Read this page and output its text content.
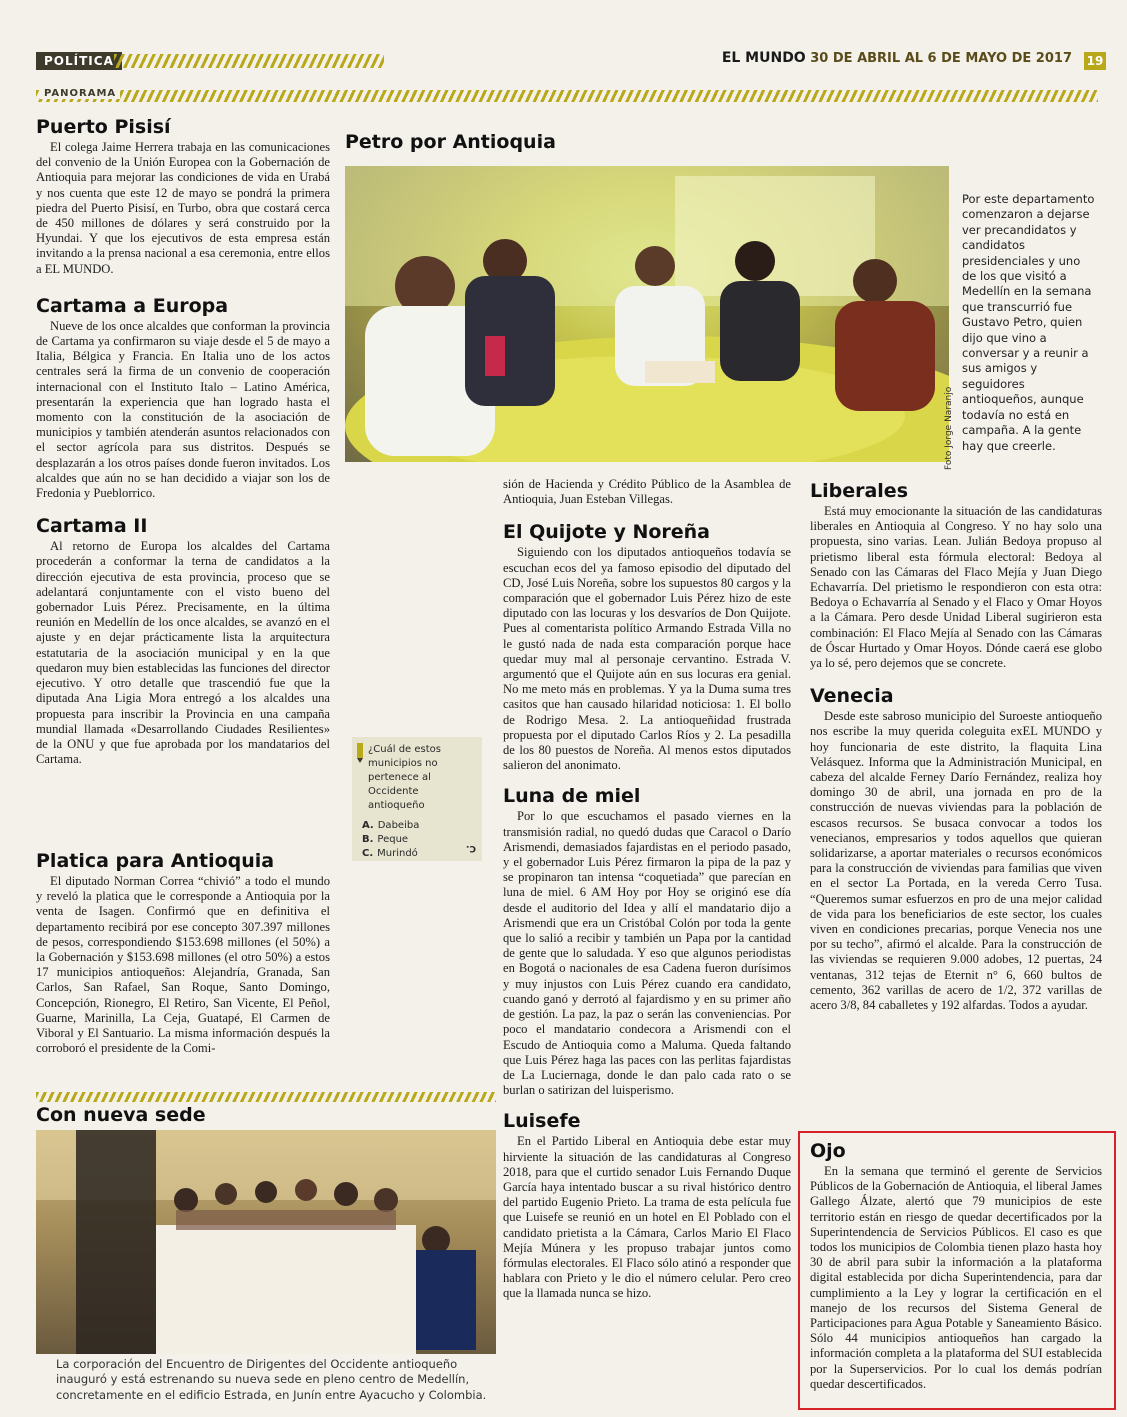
POLÍTICA	EL MUNDO 30 DE ABRIL AL 6 DE MAYO DE 2017 19
PANORAMA
Puerto Pisisí

El colega Jaime Herrera trabaja en las comunicaciones del convenio de la Unión Europea con la Gobernación de Antioquia para mejorar las condiciones de vida en Urabá y nos cuenta que este 12 de mayo se pondrá la primera piedra del Puerto Pisisí, en Turbo, obra que costará cerca de 450 millones de dólares y será construido por la Hyundai. Y que los ejecutivos de esta empresa están invitando a la prensa nacional a esa ceremonia, entre ellos a EL MUNDO.

Cartama a Europa

Nueve de los once alcaldes que conforman la provincia de Cartama ya confirmaron su viaje desde el 5 de mayo a Italia, Bélgica y Francia. En Italia uno de los actos centrales será la firma de un convenio de cooperación internacional con el Instituto Italo – Latino América, presentarán la experiencia que han logrado hasta el momento con la constitución de la asociación de municipios y también atenderán asuntos relacionados con el sector agrícola para sus distritos. Después se desplazarán a los otros países donde fueron invitados. Los alcaldes que aún no se han decidido a viajar son los de Fredonia y Pueblorrico.

Cartama II

Al retorno de Europa los alcaldes del Cartama procederán a conformar la terna de candidatos a la dirección ejecutiva de esta provincia, proceso que se adelantará conjuntamente con el visto bueno del gobernador Luis Pérez. Precisamente, en la última reunión en Medellín de los once alcaldes, se avanzó en el ajuste y en dejar prácticamente lista la arquitectura estatutaria de la asociación municipal y en la que quedaron muy bien establecidas las funciones del director ejecutivo. Y otro detalle que trascendió fue que la diputada Ana Ligia Mora entregó a los alcaldes una propuesta para inscribir la Provincia en una campaña mundial llamada «Desarrollando Ciudades Resilientes» de la ONU y que fue aprobada por los mandatarios del Cartama.

Platica para Antioquia

El diputado Norman Correa “chivió” a todo el mundo y reveló la platica que le corresponde a Antioquia por la venta de Isagen. Confirmó que en definitiva el departamento recibirá por ese concepto 307.397 millones de pesos, correspondiendo $153.698 millones (el 50%) a la Gobernación y $153.698 millones (el otro 50%) a estos 17 municipios antioqueños: Alejandría, Granada, San Carlos, San Rafael, San Roque, Santo Domingo, Concepción, Rionegro, El Retiro, San Vicente, El Peñol, Guarne, Marinilla, La Ceja, Guatapé, El Carmen de Viboral y El Santuario. La misma información después la corroboró el presidente de la Comi-

Petro por Antioquia
Foto Jorge Naranjo
Por este departamento comenzaron a dejarse ver precandidatos y candidatos presidenciales y uno de los que visitó a Medellín en la semana que transcurrió fue Gustavo Petro, quien dijo que vino a conversar y a reunir a sus amigos y seguidores antioqueños, aunque todavía no está en campaña. A la gente hay que creerle.
¿Cuál de estos municipios no pertenece al Occidente antioqueño
A. Dabeiba
B. Peque
C. Murindó	C.

sión de Hacienda y Crédito Público de la Asamblea de Antioquia, Juan Esteban Villegas.

El Quijote y Noreña

Siguiendo con los diputados antioqueños todavía se escuchan ecos del ya famoso episodio del diputado del CD, José Luis Noreña, sobre los supuestos 80 cargos y la comparación que el gobernador Luis Pérez hizo de este diputado con las locuras y los desvaríos de Don Quijote. Pues al comentarista político Armando Estrada Villa no le gustó nada de nada esta comparación porque hace quedar muy mal al personaje cervantino. Estrada V. argumentó que el Quijote aún en sus locuras era genial. No me meto más en problemas. Y ya la Duma suma tres casitos que han causado hilaridad noticiosa: 1. El bollo de Rodrigo Mesa. 2. La antioqueñidad frustrada propuesta por el diputado Carlos Ríos y 2. La pesadilla de los 80 puestos de Noreña. Al menos estos diputados salieron del anonimato.

Luna de miel

Por lo que escuchamos el pasado viernes en la transmisión radial, no quedó dudas que Caracol o Darío Arismendi, demasiados fajardistas en el periodo pasado, y el gobernador Luis Pérez firmaron la pipa de la paz y se propinaron tan intensa “coquetiada” que parecían en luna de miel. 6 AM Hoy por Hoy se originó ese día desde el auditorio del Idea y allí el mandatario dijo a Arismendi que era un Cristóbal Colón por toda la gente que lo salió a recibir y también un Papa por la cantidad de gente que lo saludada. Y eso que algunos periodistas en Bogotá o nacionales de esa Cadena fueron durísimos y muy injustos con Luis Pérez cuando era candidato, cuando ganó y derrotó al fajardismo y en su primer año de gestión. La paz, la paz o serán las conveniencias. Por poco el mandatario condecora a Arismendi con el Escudo de Antioquia como a Maluma. Queda faltando que Luis Pérez haga las paces con las perlitas fajardistas de La Luciernaga, donde le dan palo cada rato o se burlan o satirizan del luisperismo.

Luisefe

En el Partido Liberal en Antioquia debe estar muy hirviente la situación de las candidaturas al Congreso 2018, para que el curtido senador Luis Fernando Duque García haya intentado buscar a su rival histórico dentro del partido Eugenio Prieto. La trama de esta película fue que Luisefe se reunió en un hotel en El Poblado con el candidato prietista a la Cámara, Carlos Mario El Flaco Mejía Múnera y les propuso trabajar juntos como fórmulas electorales. El Flaco sólo atinó a responder que hablara con Prieto y le dio el número celular. Pero creo que la llamada nunca se hizo.

Liberales

Está muy emocionante la situación de las candidaturas liberales en Antioquia al Congreso. Y no hay solo una propuesta, sino varias. Lean. Julián Bedoya propuso al prietismo liberal esta fórmula electoral: Bedoya al Senado con las Cámaras del Flaco Mejía y Juan Diego Echavarría. Del prietismo le respondieron con esta otra: Bedoya o Echavarría al Senado y el Flaco y Omar Hoyos a la Cámara. Pero desde Unidad Liberal sugirieron esta combinación: El Flaco Mejía al Senado con las Cámaras de Óscar Hurtado y Omar Hoyos. Dónde caerá ese globo ya lo sé, pero dejemos que se concrete.

Venecia

Desde este sabroso municipio del Suroeste antioqueño nos escribe la muy querida coleguita exEL MUNDO y hoy funcionaria de este distrito, la flaquita Lina Velásquez. Informa que la Administración Municipal, en cabeza del alcalde Ferney Darío Fernández, realiza hoy domingo 30 de abril, una jornada en pro de la construcción de nuevas viviendas para la población de escasos recursos. Se busaca convocar a todos los venecianos, empresarios y todos aquellos que quieran solidarizarse, a aportar materiales o recursos económicos para la construcción de viviendas para familias que viven en el sector La Portada, en la vereda Cerro Tusa. “Queremos sumar esfuerzos en pro de una mejor calidad de vida para los beneficiarios de este sector, los cuales viven en condiciones precarias, porque Venecia nos une por su techo”, afirmó el alcalde. Para la construcción de las viviendas se requieren 9.000 adobes, 12 puertas, 24 ventanas, 312 tejas de Eternit n° 6, 660 bultos de cemento, 362 varillas de acero de 1/2, 372 varillas de acero 3/8, 84 caballetes y 192 alfardas. Todos a ayudar.

Ojo

En la semana que terminó el gerente de Servicios Públicos de la Gobernación de Antioquia, el liberal James Gallego Álzate, alertó que 79 municipios de este territorio están en riesgo de quedar decertificados por la Superintendencia de Servicios Públicos. El caso es que todos los municipios de Colombia tienen plazo hasta hoy 30 de abril para subir la información a la plataforma digital establecida por dicha Superintendencia, para dar cumplimiento a la Ley y lograr la certificación en el manejo de los recursos del Sistema General de Participaciones para Agua Potable y Saneamiento Básico. Sólo 44 municipios antioqueños han cargado la información completa a la plataforma del SUI establecida por la Superservicios. Por lo cual los demás podrían quedar descertificados.

Con nueva sede
La corporación del Encuentro de Dirigentes del Occidente antioqueño inauguró y está estrenando su nueva sede en pleno centro de Medellín, concretamente en el edificio Estrada, en Junín entre Ayacucho y Colombia.
